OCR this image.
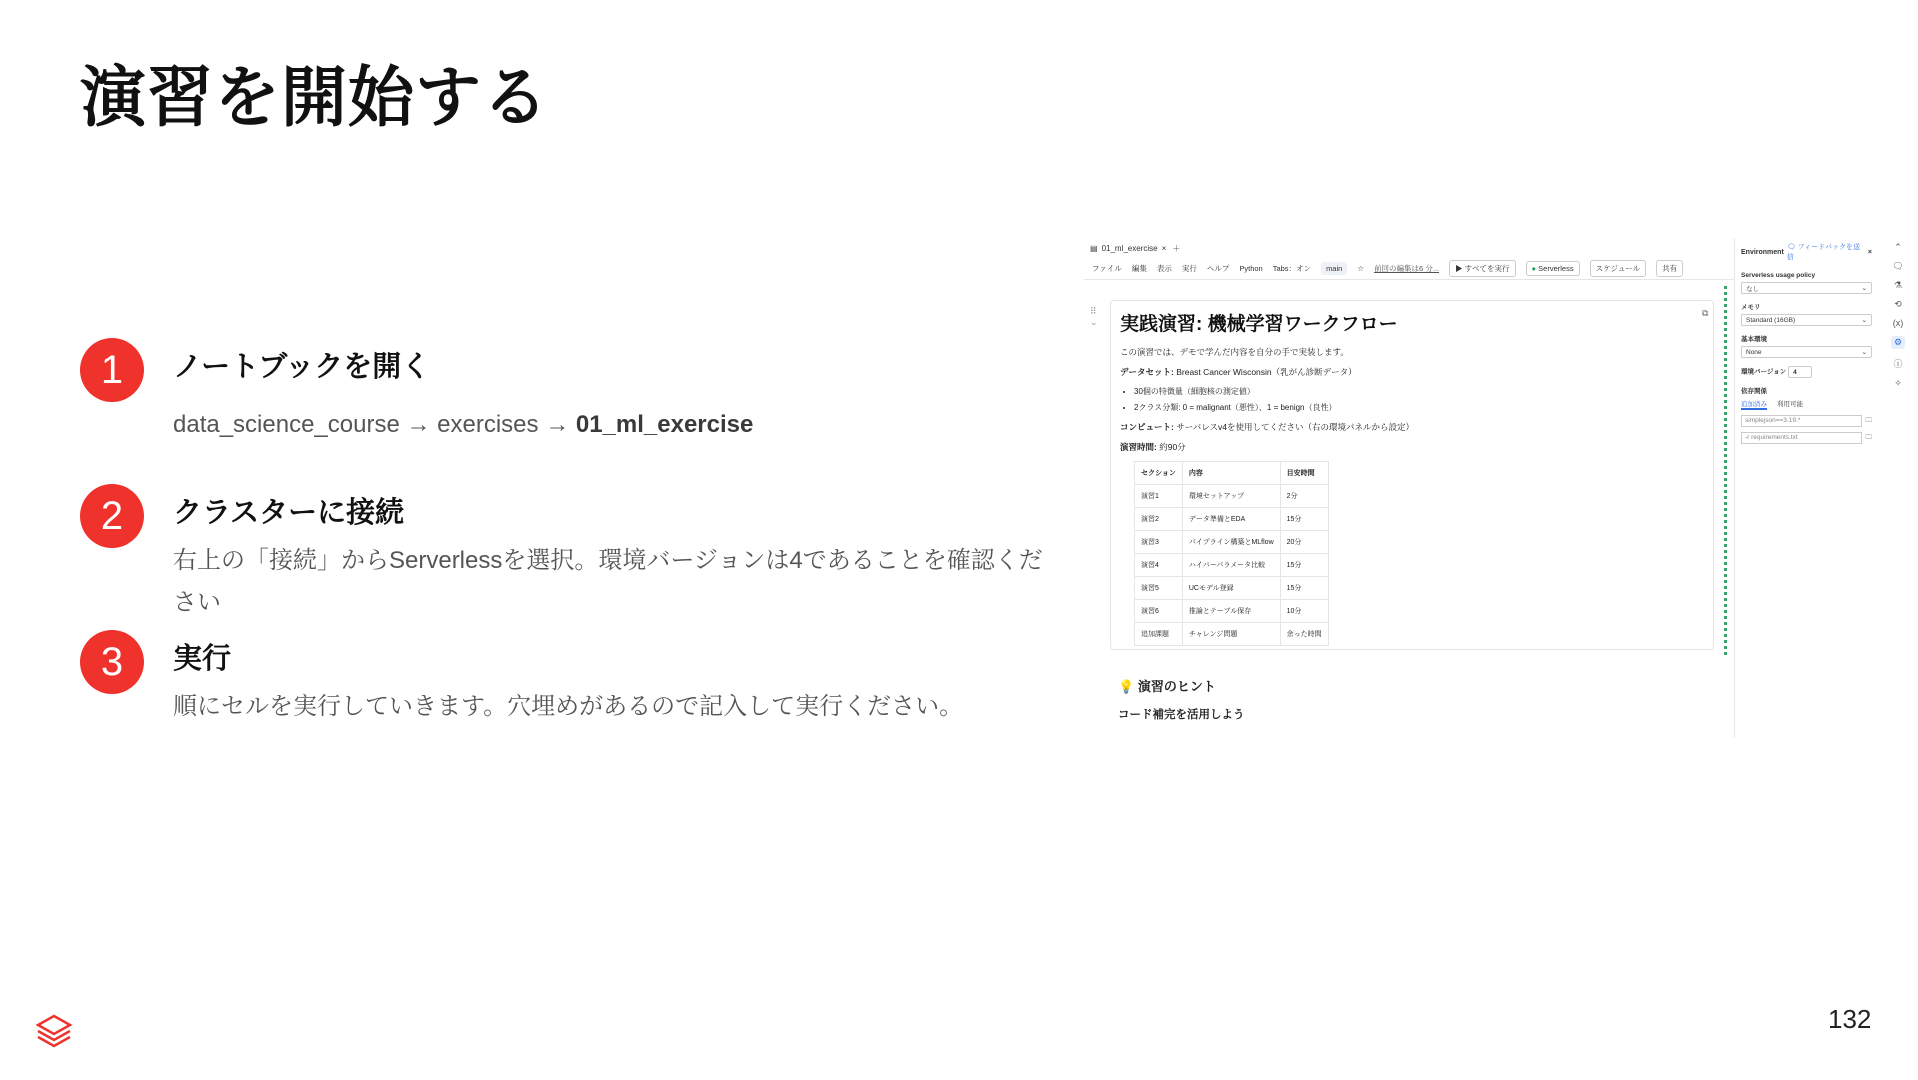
演習を開始する
1	ノートブックを開く
data_science_course → exercises → 01_ml_exercise
2	クラスターに接続
右上の「接続」からServerlessを選択。環境バージョンは4であることを確認ください
3	実行
順にセルを実行していきます。穴埋めがあるので記入して実行ください。
▤ 01_ml_exercise × ＋
ファイル 編集 表示 実行 ヘルプ Python Tabs：オン	main	☆ 前回の編集は6 分...	▶ すべてを実行	● Serverless	スケジュール	共有
⠿
⌄ 実践演習: 機械学習ワークフロー

この演習では、デモで学んだ内容を自分の手で実装します。

データセット: Breast Cancer Wisconsin（乳がん診断データ）

• 30個の特徴量（細胞核の測定値）
• 2クラス分類: 0 = malignant（悪性）、1 = benign（良性）

コンピュート: サーバレスv4を使用してください（右の環境パネルから設定）

演習時間: 約90分

セクション	内容	目安時間
演習1	環境セットアップ	2分
演習2	データ準備とEDA	15分
演習3	パイプライン構築とMLflow	20分
演習4	ハイパーパラメータ比較	15分
演習5	UCモデル登録	15分
演習6	推論とテーブル保存	10分
追加課題	チャレンジ問題	余った時間
⧉
💡 演習のヒント
コード補完を活用しよう
Environment
🗨 フィードバックを送信
×
Serverless usage policy
なし	⌄
メモリ
Standard (16GB)	⌄
基本環境
None	⌄
環境バージョン 4
依存関係
追加済み 利用可能
simplejson==3.19.*	🗀
-r requirements.txt	🗀
⌃
🗨
⚗
⟲
(x)
⚙
ⓘ
✧
132
